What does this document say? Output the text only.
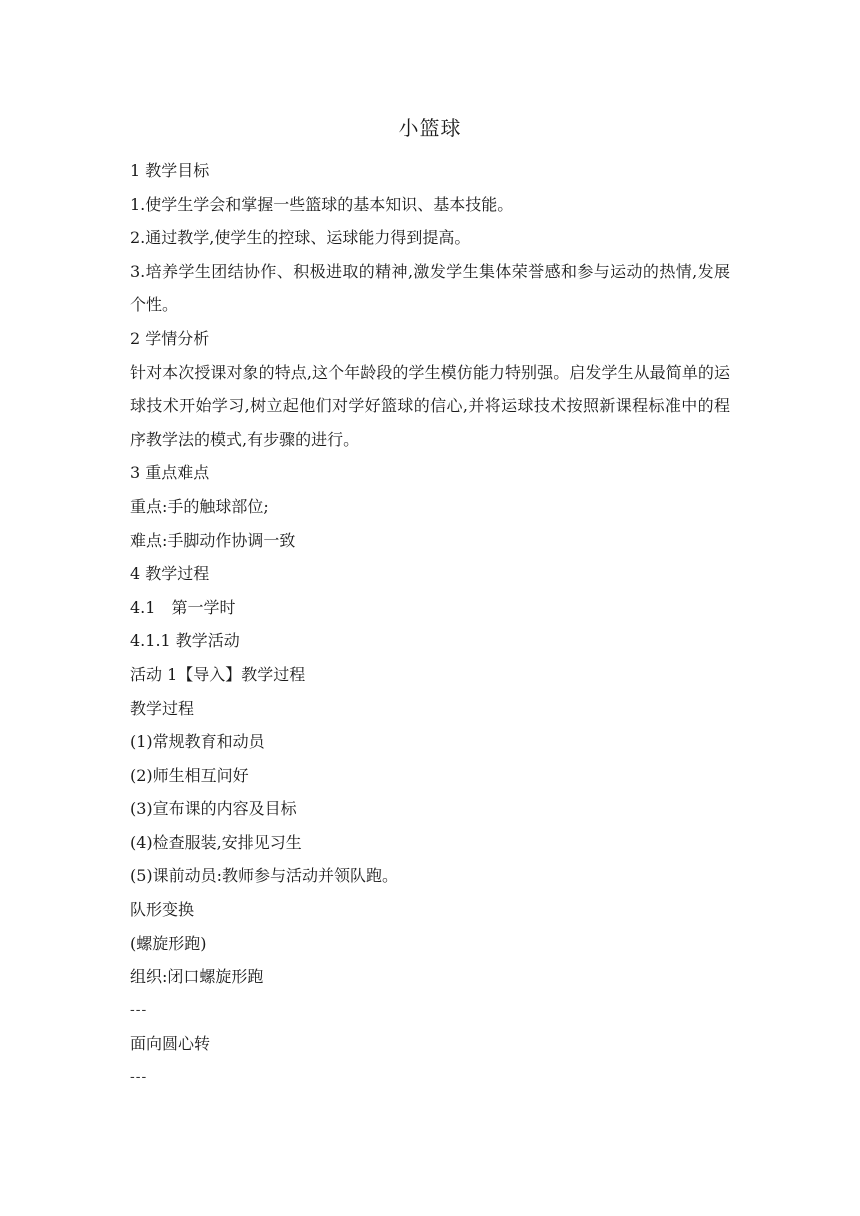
小篮球
1 教学目标
1.使学生学会和掌握一些篮球的基本知识、基本技能。
2.通过教学,使学生的控球、运球能力得到提高。
3.培养学生团结协作、积极进取的精神,激发学生集体荣誉感和参与运动的热情,发展个性。
2 学情分析
针对本次授课对象的特点,这个年龄段的学生模仿能力特别强。启发学生从最简单的运球技术开始学习,树立起他们对学好篮球的信心,并将运球技术按照新课程标准中的程序教学法的模式,有步骤的进行。
3 重点难点
重点:手的触球部位;
难点:手脚动作协调一致
4 教学过程
4.1　第一学时
4.1.1 教学活动
活动 1【导入】教学过程
教学过程
(1)常规教育和动员
(2)师生相互问好
(3)宣布课的内容及目标
(4)检查服装,安排见习生
(5)课前动员:教师参与活动并领队跑。
队形变换
(螺旋形跑)
组织:闭口螺旋形跑
---
面向圆心转
---
